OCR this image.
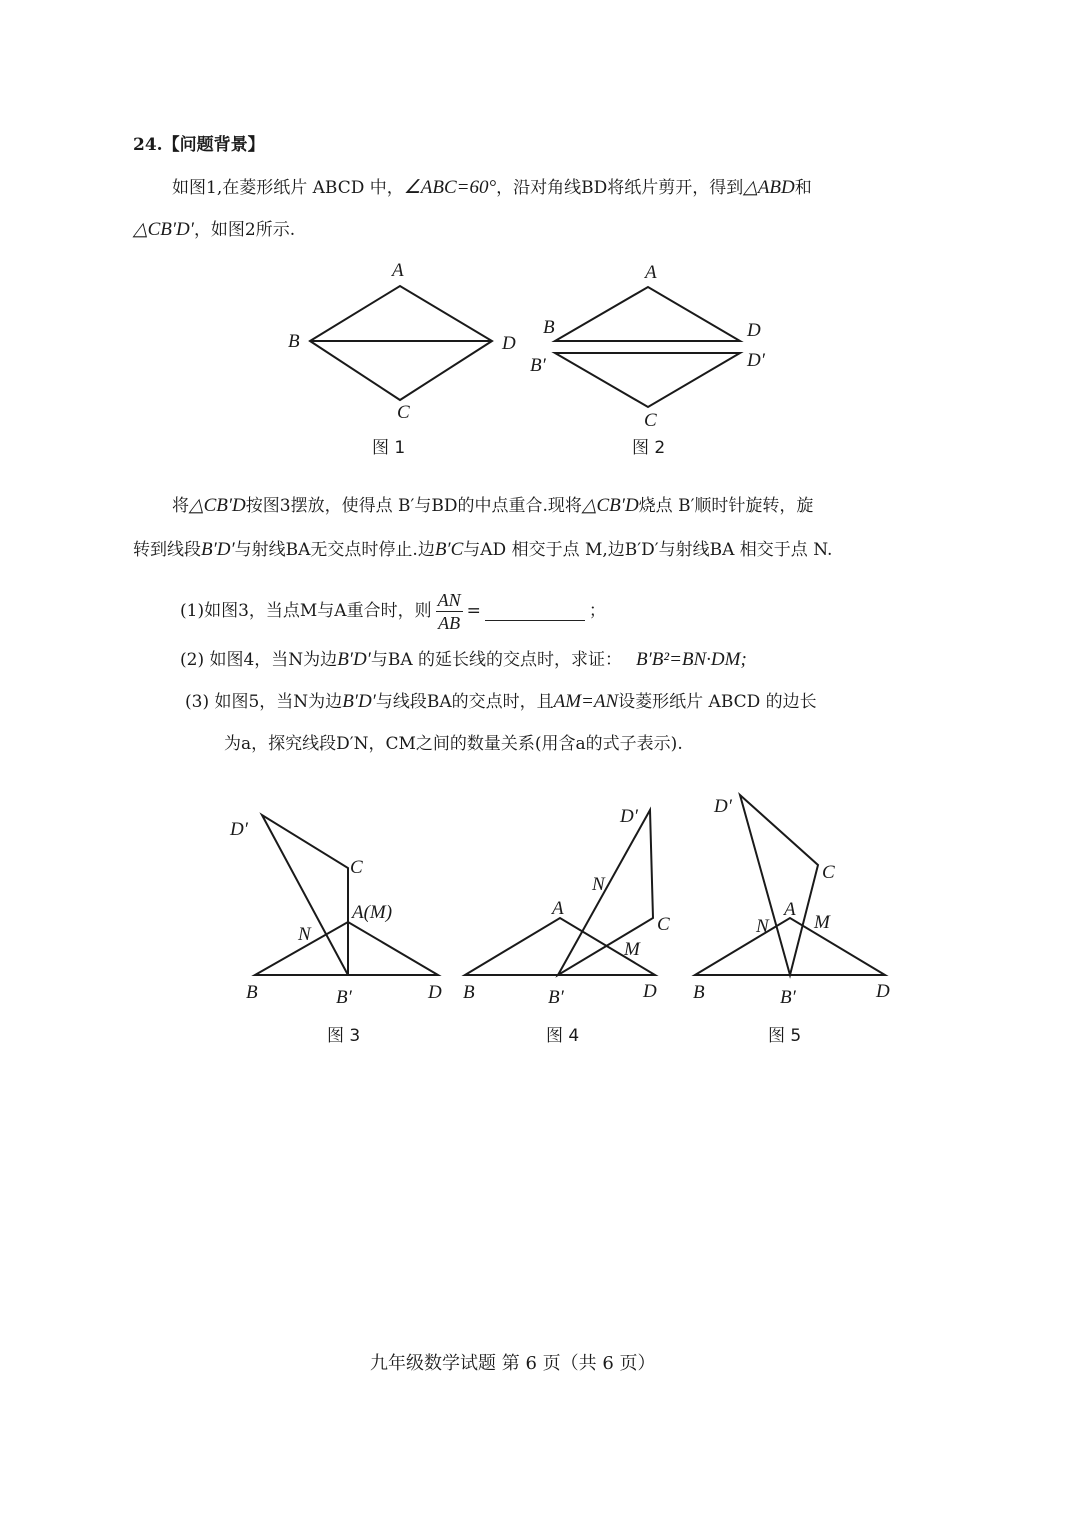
24.【问题背景】
如图1,在菱形纸片 ABCD 中，∠ABC=60°，沿对角线BD将纸片剪开，得到△ABD和
△CB′D′，如图2所示.
A
B	D
C
图 1
A
B	D
B′	D′
C
图 2
将△CB′D按图3摆放，使得点 B′与BD的中点重合.现将△CB′D烧点 B′顺时针旋转，旋
转到线段B′D′与射线BA无交点时停止.边B′C与AD 相交于点 M,边B′D′与射线BA 相交于点 N.
(1)如图3，当点M与A重合时，则 $\frac{AN}{AB}$ =	；
(2) 如图4，当N为边B′D′与BA 的延长线的交点时，求证： B′B²=BN·DM;
(3) 如图5，当N为边B′D′与线段BA的交点时，且AM=AN设菱形纸片 ABCD 的边长
为a，探究线段D′N，CM之间的数量关系(用含a的式子表示).
D′
C
A(M)
N
B	B′	D
图 3
D′
N
A
C
M
B	B′	D
图 4
D′
C
N
A
M
B	B′	D
图 5
九年级数学试题 第 6 页（共 6 页）
